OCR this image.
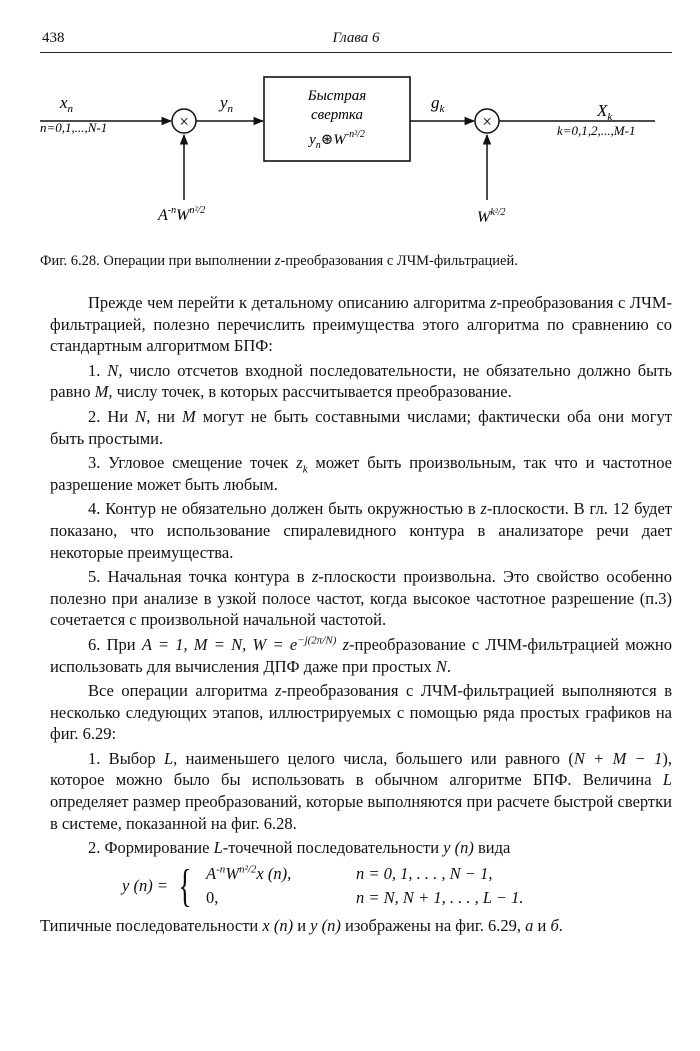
438	Глава 6
$x_n$
n=0,1,...,N-1	×
$A^{-n}W^{n^2/2}$
$y_n$
Быстрая
свертка
$y_n⊛W^{-n^2/2}$
$g_k$
×
$W^{k^2/2}$
$X_k$
k=0,1,2,...,M-1
Фиг. 6.28. Операции при выполнении z-преобразования с ЛЧМ-фильтрацией.

Прежде чем перейти к детальному описанию алгоритма z-преобразования с ЛЧМ-фильтрацией, полезно перечислить преимущества этого алгоритма по сравнению со стандартным алгоритмом БПФ:

1. N, число отсчетов входной последовательности, не обязательно должно быть равно M, числу точек, в которых рассчитывается преобразование.

2. Ни N, ни M могут не быть составными числами; фактически оба они могут быть простыми.

3. Угловое смещение точек $z_k$ может быть произвольным, так что и частотное разрешение может быть любым.

4. Контур не обязательно должен быть окружностью в z-плоскости. В гл. 12 будет показано, что использование спиралевидного контура в анализаторе речи дает некоторые преимущества.

5. Начальная точка контура в z-плоскости произвольна. Это свойство особенно полезно при анализе в узкой полосе частот, когда высокое частотное разрешение (п.3) сочетается с произвольной начальной частотой.

6. При A = 1, M = N, $W = e^{-j(2\pi/N)}$ z-преобразование с ЛЧМ-фильтрацией можно использовать для вычисления ДПФ даже при простых N.

Все операции алгоритма z-преобразования с ЛЧМ-фильтрацией выполняются в несколько следующих этапов, иллюстрируемых с помощью ряда простых графиков на фиг. 6.29:

1. Выбор L, наименьшего целого числа, большего или равного (N + M − 1), которое можно было бы использовать в обычном алгоритме БПФ. Величина L определяет размер преобразований, которые выполняются при расчете быстрой свертки в системе, показанной на фиг. 6.28.

2. Формирование L-точечной последовательности y (n) вида

y (n) = { $A^{-n}W^{n^2/2}x$ (n),	n = 0, 1, . . . , N − 1,
0,	n = N, N + 1, . . . , L − 1.

Типичные последовательности x (n) и y (n) изображены на фиг. 6.29, а и б.
